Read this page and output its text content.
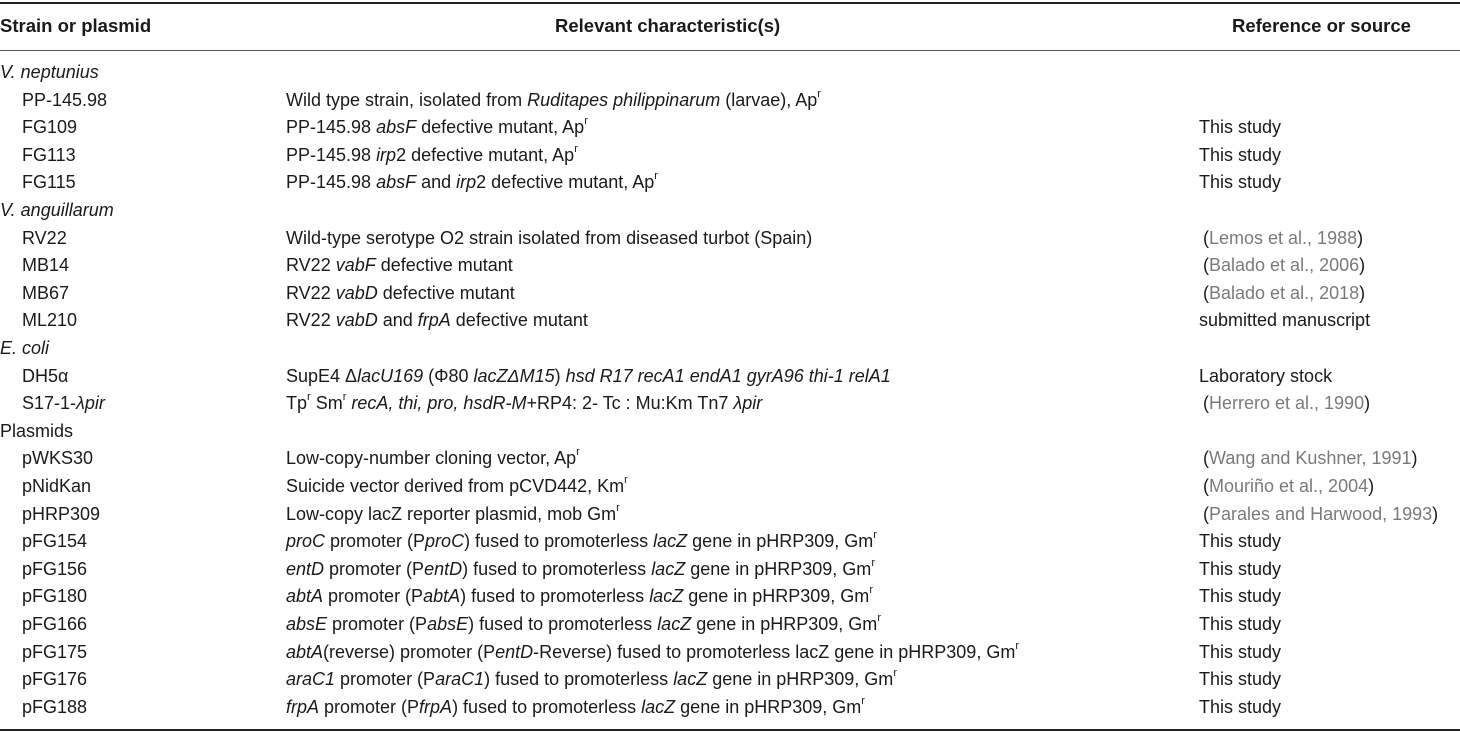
Strain or plasmid	Relevant characteristic(s)	Reference or source
V. neptunius
PP-145.98	Wild type strain, isolated from Ruditapes philippinarum (larvae), Ap$^r$
FG109	PP-145.98 absF defective mutant, Ap$^r$	This study
FG113	PP-145.98 irp2 defective mutant, Ap$^r$	This study
FG115	PP-145.98 absF and irp2 defective mutant, Ap$^r$	This study
V. anguillarum
RV22	Wild-type serotype O2 strain isolated from diseased turbot (Spain)	(Lemos et al., 1988)
MB14	RV22 vabF defective mutant	(Balado et al., 2006)
MB67	RV22 vabD defective mutant	(Balado et al., 2018)
ML210	RV22 vabD and frpA defective mutant	submitted manuscript
E. coli
DH5α	SupE4 ΔlacU169 (Φ80 lacZΔM15) hsd R17 recA1 endA1 gyrA96 thi-1 relA1	Laboratory stock
S17-1-λpir	Tp$^r$ Sm$^r$ recA, thi, pro, hsdR-M+RP4: 2- Tc : Mu:Km Tn7 λpir	(Herrero et al., 1990)
Plasmids
pWKS30	Low-copy-number cloning vector, Ap$^r$	(Wang and Kushner, 1991)
pNidKan	Suicide vector derived from pCVD442, Km$^r$	(Mouriño et al., 2004)
pHRP309	Low-copy lacZ reporter plasmid, mob Gm$^r$	(Parales and Harwood, 1993)
pFG154	proC promoter (PproC) fused to promoterless lacZ gene in pHRP309, Gm$^r$	This study
pFG156	entD promoter (PentD) fused to promoterless lacZ gene in pHRP309, Gm$^r$	This study
pFG180	abtA promoter (PabtA) fused to promoterless lacZ gene in pHRP309, Gm$^r$	This study
pFG166	absE promoter (PabsE) fused to promoterless lacZ gene in pHRP309, Gm$^r$	This study
pFG175	abtA(reverse) promoter (PentD-Reverse) fused to promoterless lacZ gene in pHRP309, Gm$^r$	This study
pFG176	araC1 promoter (ParaC1) fused to promoterless lacZ gene in pHRP309, Gm$^r$	This study
pFG188	frpA promoter (PfrpA) fused to promoterless lacZ gene in pHRP309, Gm$^r$	This study
